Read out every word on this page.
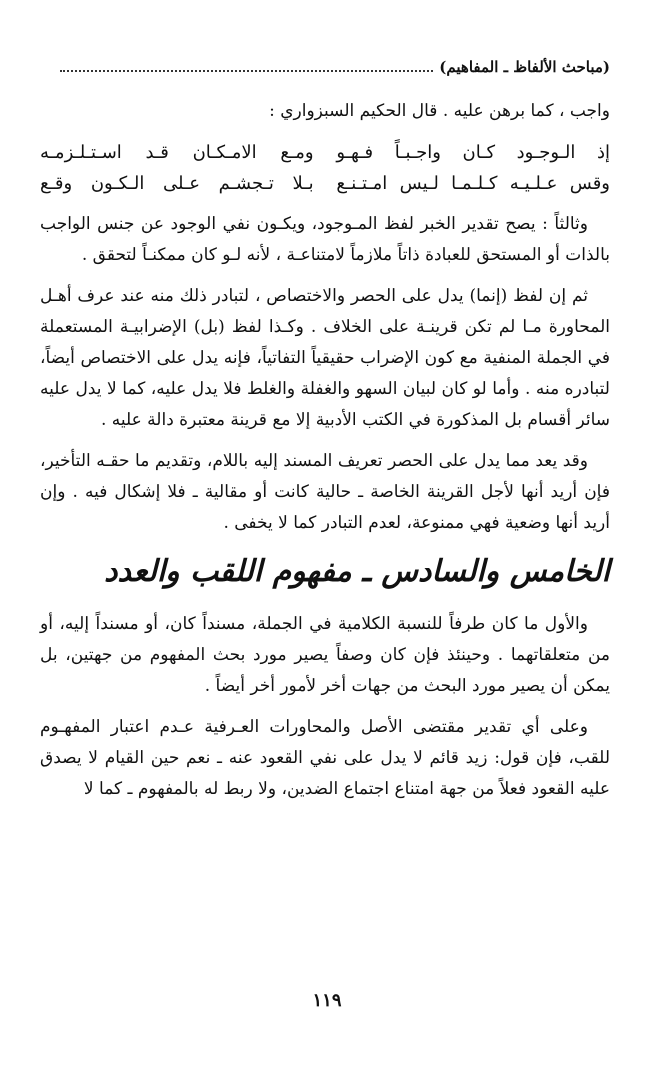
(مباحث الألفاظ ـ المفاهيم)

واجب ، كما برهن عليه . قال الحكيم السبزواري :

إذ الـوجـود كـان واجـبـاً فـهـو
ومـع الامـكـان قـد اسـتـلـزمـه
وقس عـلـيـه كـلـمـا لـيس امـتـنـع
بـلا تـجشـم عـلى الـكـون وقـع

وثالثاً : يصح تقدير الخبر لفظ المـوجود، ويكـون نفي الوجود عن جنس الواجب بالذات أو المستحق للعبادة ذاتاً ملازماً لامتناعـة ، لأنه لـو كان ممكنـاً لتحقق .

ثم إن لفظ (إنما) يدل على الحصر والاختصاص ، لتبادر ذلك منه عند عرف أهـل المحاورة مـا لم تكن قرينـة على الخلاف . وكـذا لفظ (بل) الإضرابيـة المستعملة في الجملة المنفية مع كون الإضراب حقيقياً التفاتياً، فإنه يدل على الاختصاص أيضاً، لتبادره منه . وأما لو كان لبيان السهو والغفلة والغلط فلا يدل عليه، كما لا يدل عليه سائر أقسام بل المذكورة في الكتب الأدبية إلا مع قرينة معتبرة دالة عليه .

وقد يعد مما يدل على الحصر تعريف المسند إليه باللام، وتقديم ما حقـه التأخير، فإن أريد أنها لأجل القرينة الخاصة ـ حالية كانت أو مقالية ـ فلا إشكال فيه . وإن أريد أنها وضعية فهي ممنوعة، لعدم التبادر كما لا يخفى .

الخامس والسادس ـ مفهوم اللقب والعدد

والأول ما كان طرفاً للنسبة الكلامية في الجملة، مسنداً كان، أو مسنداً إليه، أو من متعلقاتهما . وحينئذ فإن كان وصفاً يصير مورد بحث المفهوم من جهتين، بل يمكن أن يصير مورد البحث من جهات أخر لأمور أخر أيضاً .

وعلى أي تقدير مقتضى الأصل والمحاورات العـرفية عـدم اعتبار المفهـوم للقب، فإن قول: زيد قائم لا يدل على نفي القعود عنه ـ نعم حين القيام لا يصدق عليه القعود فعلاً من جهة امتناع اجتماع الضدين، ولا ربط له بالمفهوم ـ كما لا

١١٩
